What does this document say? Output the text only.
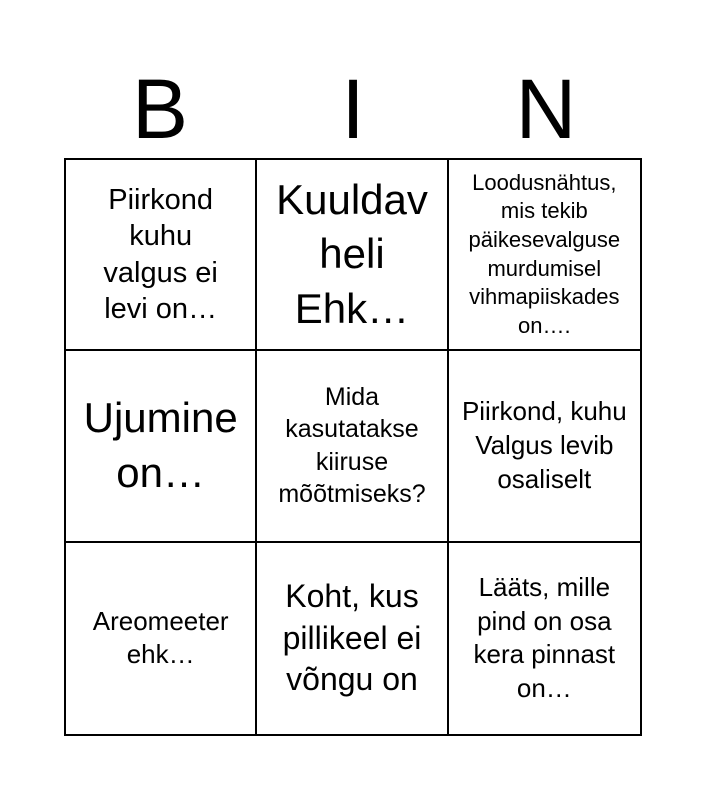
B	I	N
Piirkond kuhu valgus ei levi on…
Kuuldav heli Ehk…
Loodusnähtus, mis tekib päikesevalguse murdumisel vihmapiiskades on….
Ujumine on…
Mida kasutatakse kiiruse mõõtmiseks?
Piirkond, kuhu Valgus levib osaliselt
Areomeeter ehk…
Koht, kus pillikeel ei võngu on
Lääts, mille pind on osa kera pinnast on…
